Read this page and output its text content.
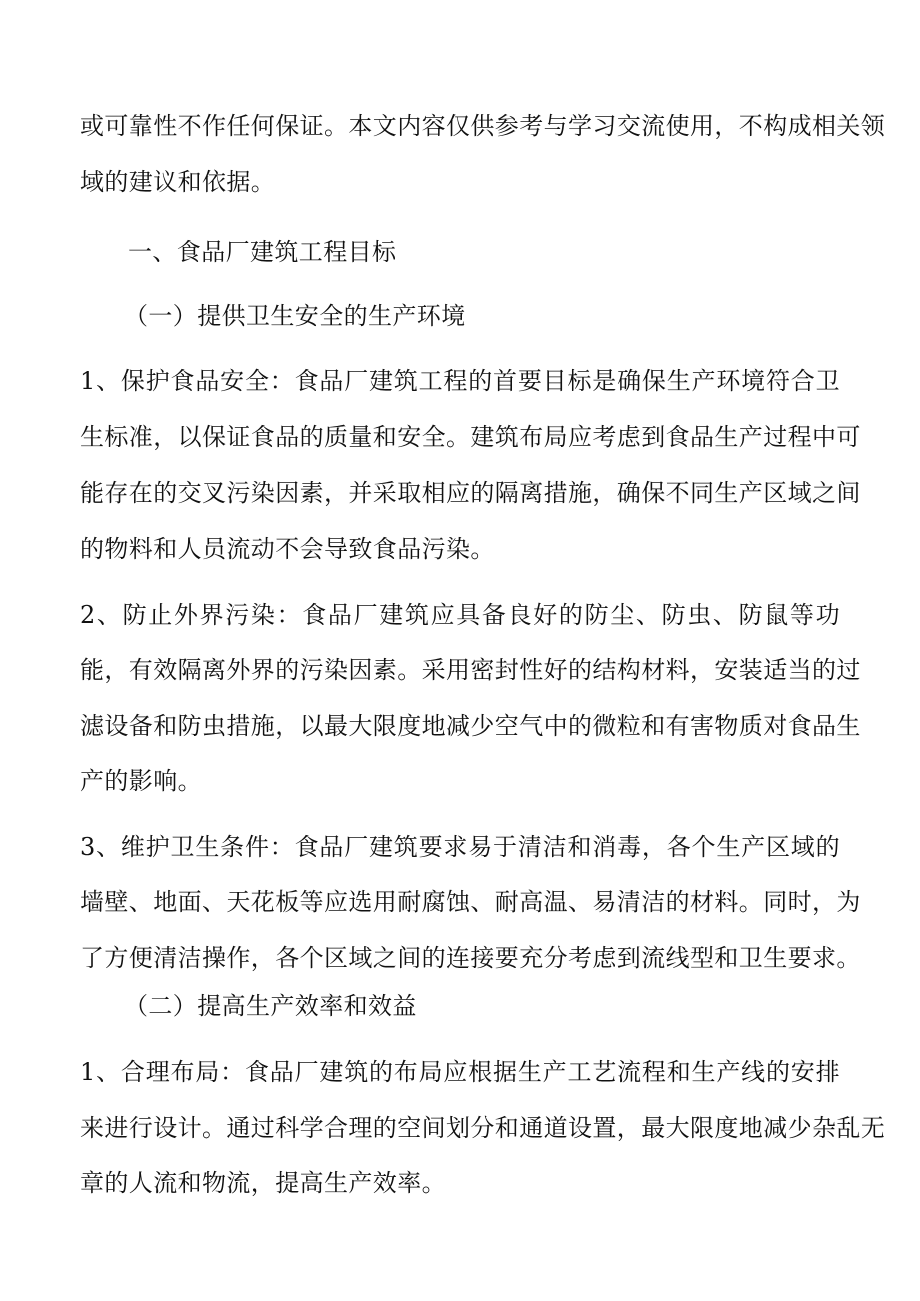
或可靠性不作任何保证。本文内容仅供参考与学习交流使用，不构成相关领
域的建议和依据。
一、食品厂建筑工程目标
（一）提供卫生安全的生产环境
1、保护食品安全：食品厂建筑工程的首要目标是确保生产环境符合卫
生标准，以保证食品的质量和安全。建筑布局应考虑到食品生产过程中可
能存在的交叉污染因素，并采取相应的隔离措施，确保不同生产区域之间
的物料和人员流动不会导致食品污染。
2、防止外界污染：食品厂建筑应具备良好的防尘、防虫、防鼠等功
能，有效隔离外界的污染因素。采用密封性好的结构材料，安装适当的过
滤设备和防虫措施，以最大限度地减少空气中的微粒和有害物质对食品生
产的影响。
3、维护卫生条件：食品厂建筑要求易于清洁和消毒，各个生产区域的
墙壁、地面、天花板等应选用耐腐蚀、耐高温、易清洁的材料。同时，为
了方便清洁操作，各个区域之间的连接要充分考虑到流线型和卫生要求。
（二）提高生产效率和效益
1、合理布局：食品厂建筑的布局应根据生产工艺流程和生产线的安排
来进行设计。通过科学合理的空间划分和通道设置，最大限度地减少杂乱无
章的人流和物流，提高生产效率。
